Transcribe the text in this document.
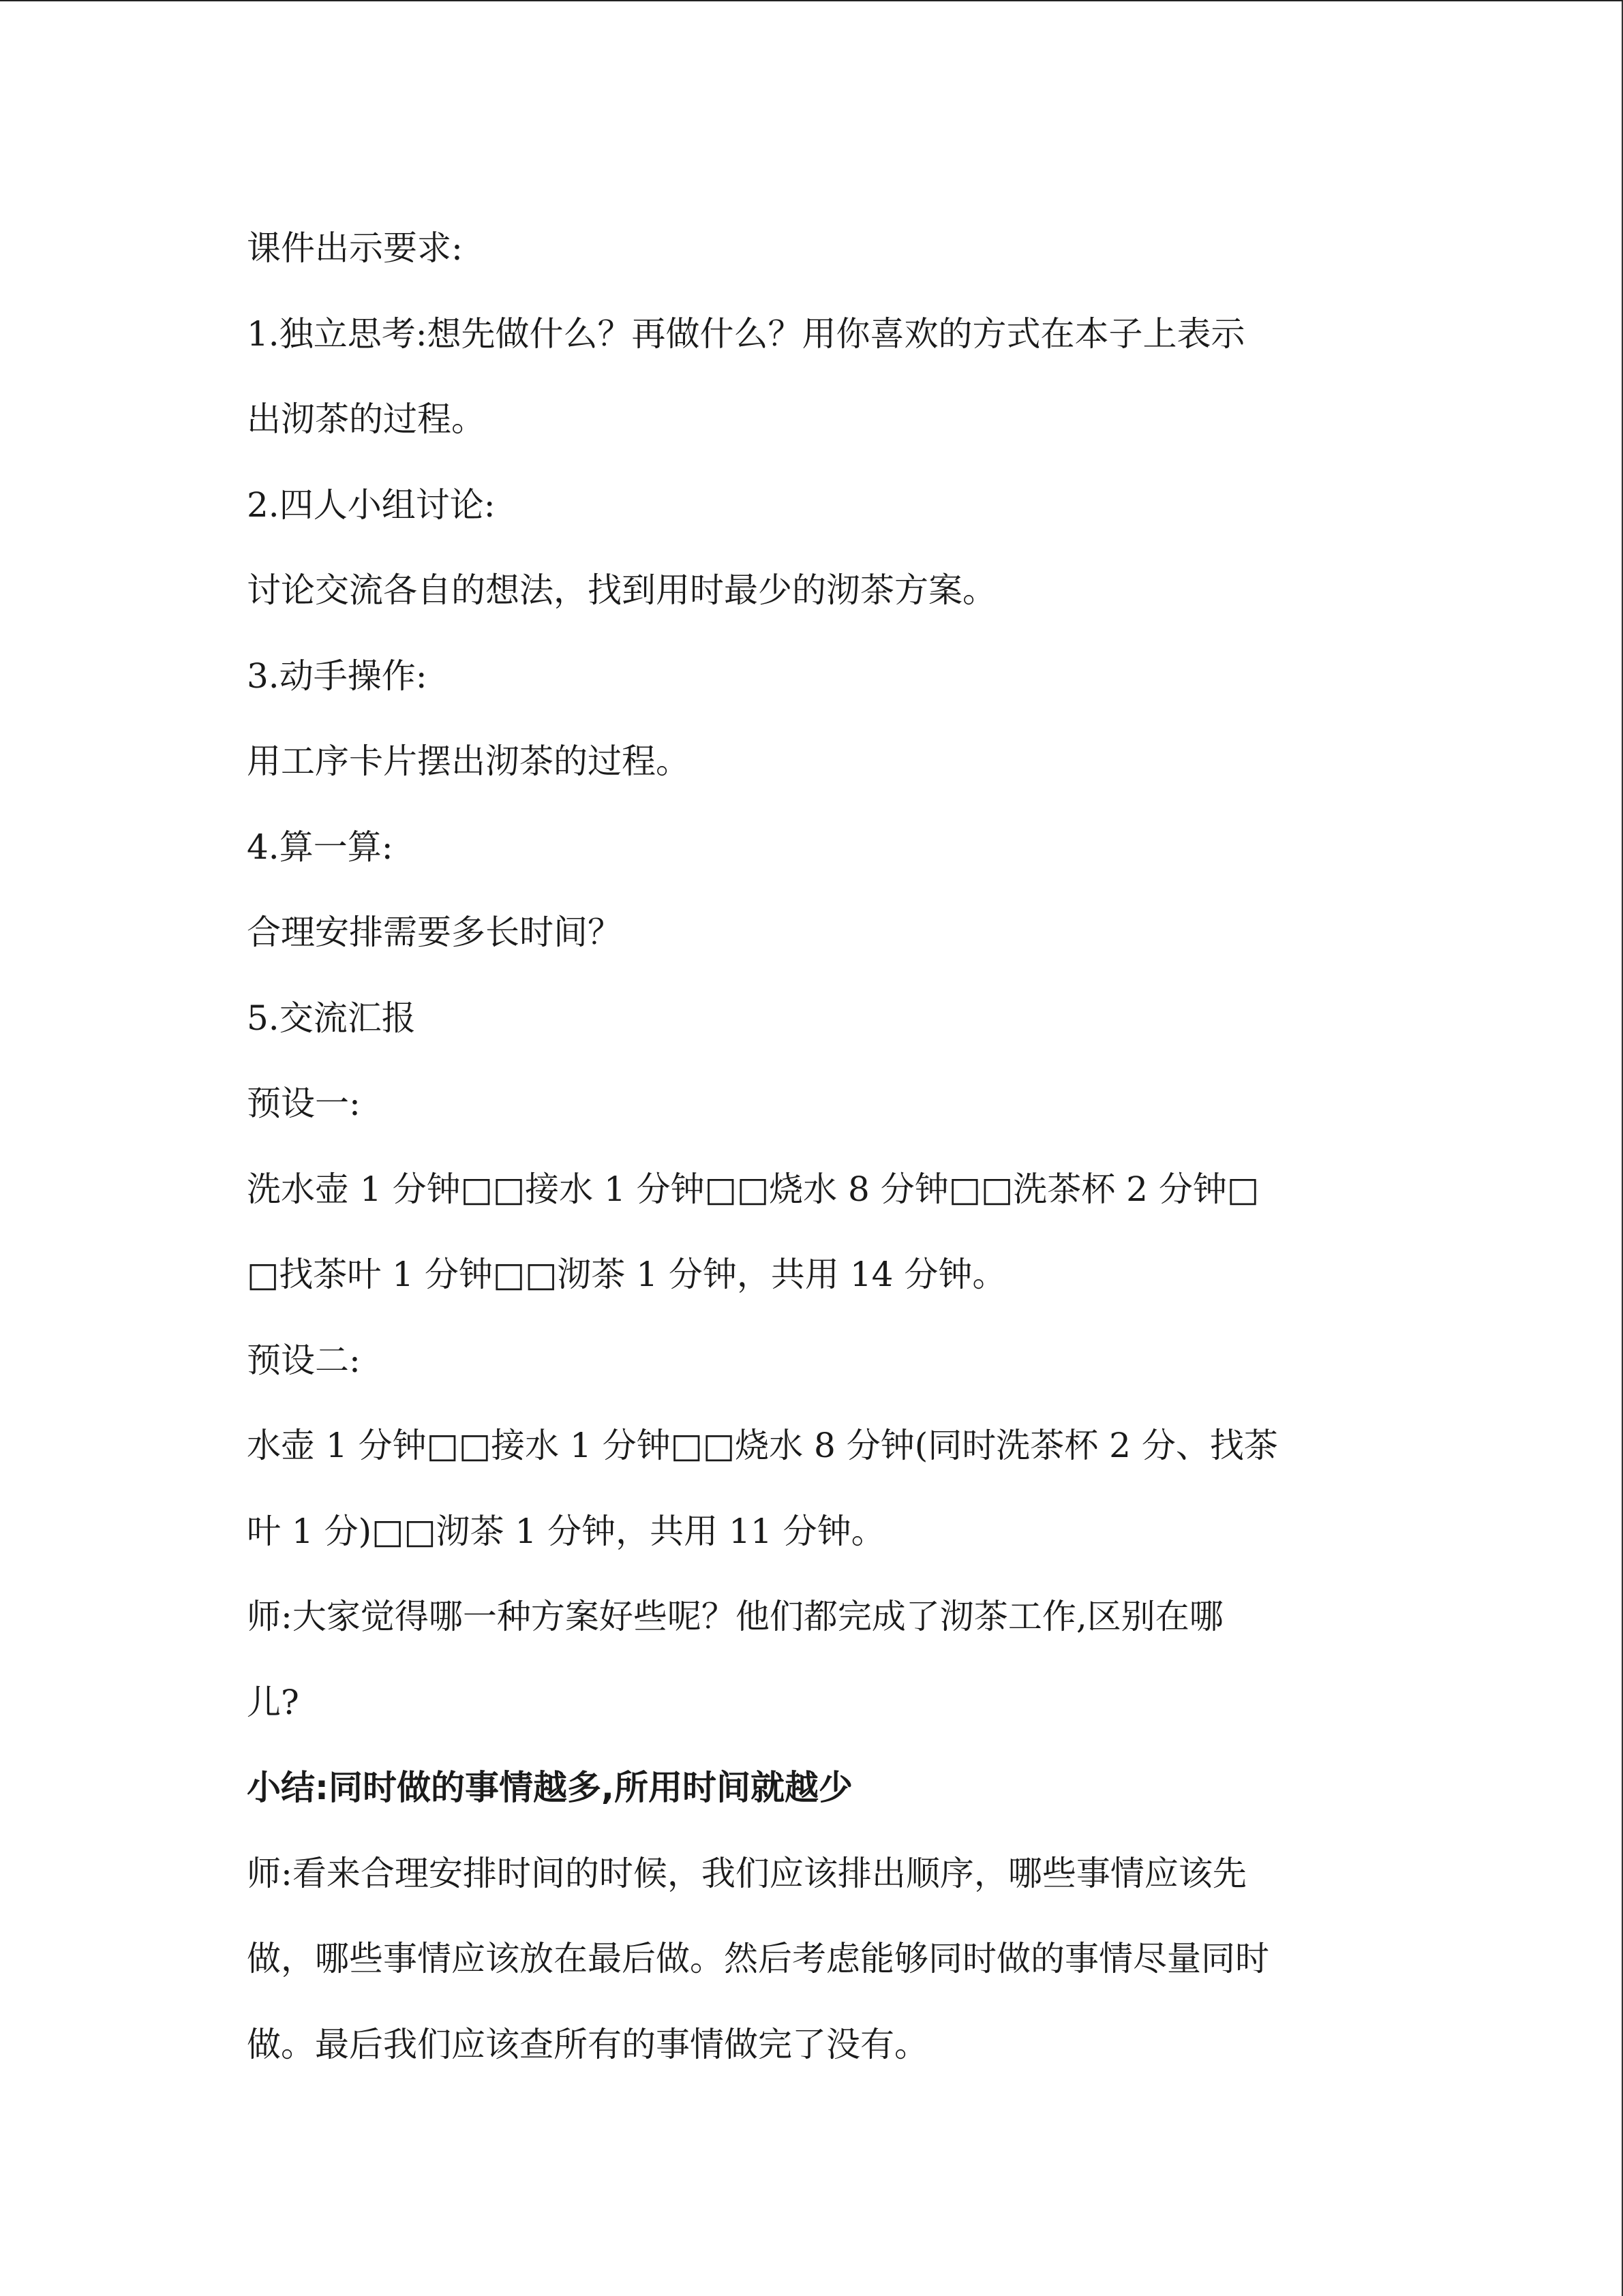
课件出示要求:
1.独立思考:想先做什么？再做什么？用你喜欢的方式在本子上表示
出沏茶的过程。
2.四人小组讨论:
讨论交流各自的想法，找到用时最少的沏茶方案。
3.动手操作:
用工序卡片摆出沏茶的过程。
4.算一算:
合理安排需要多长时间？
5.交流汇报
预设一:
洗水壶 1 分钟□□接水 1 分钟□□烧水 8 分钟□□洗茶杯 2 分钟□
□找茶叶 1 分钟□□沏茶 1 分钟，共用 14 分钟。
预设二:
水壶 1 分钟□□接水 1 分钟□□烧水 8 分钟(同时洗茶杯 2 分、找茶
叶 1 分)□□沏茶 1 分钟，共用 11 分钟。
师:大家觉得哪一种方案好些呢？他们都完成了沏茶工作,区别在哪
儿?
小结:同时做的事情越多,所用时间就越少
师:看来合理安排时间的时候，我们应该排出顺序，哪些事情应该先
做，哪些事情应该放在最后做。然后考虑能够同时做的事情尽量同时
做。最后我们应该查所有的事情做完了没有。
